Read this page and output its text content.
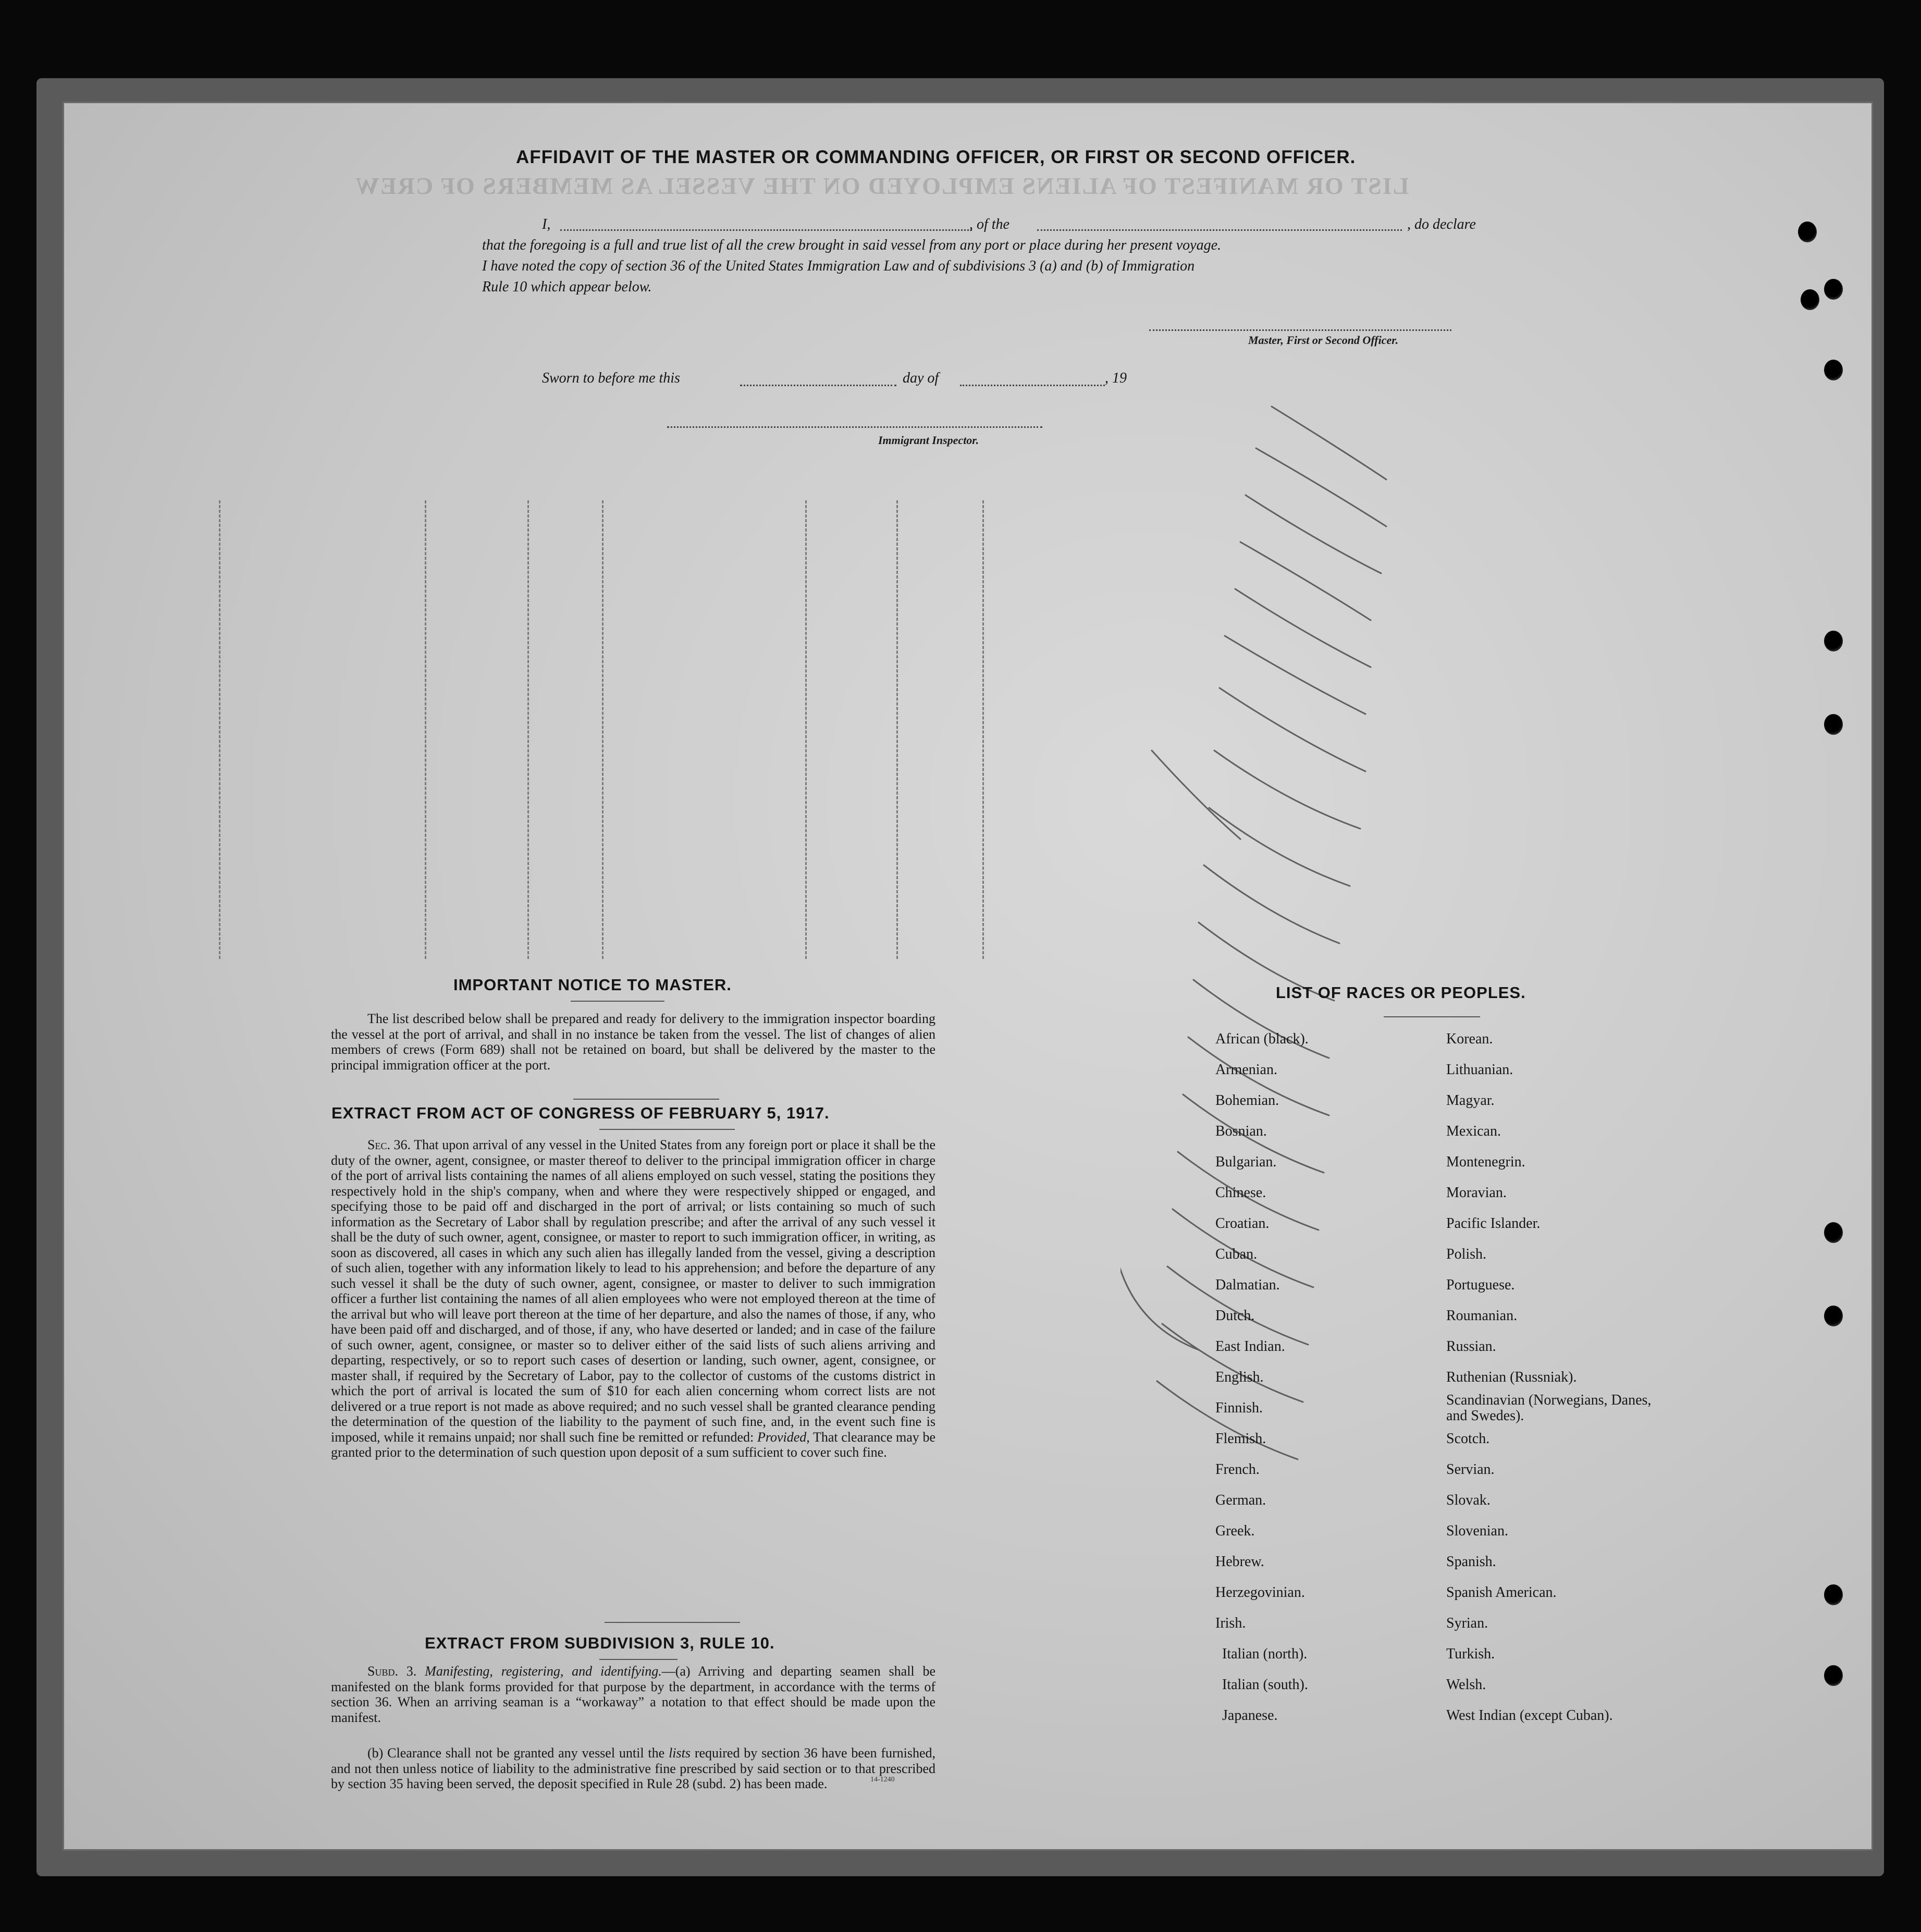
LIST OR MANIFEST OF ALIENS EMPLOYED ON THE VESSEL AS MEMBERS OF CREW
AFFIDAVIT OF THE MASTER OR COMMANDING OFFICER, OR FIRST OR SECOND OFFICER.
I,	, of the	, do declare
that the foregoing is a full and true list of all the crew brought in said vessel from any port or place during her present voyage.
I have noted the copy of section 36 of the United States Immigration Law and of subdivisions 3 (a) and (b) of Immigration
Rule 10 which appear below.
Master, First or Second Officer.
Sworn to before me this	day of	, 19
Immigrant Inspector.
IMPORTANT NOTICE TO MASTER.
The list described below shall be prepared and ready for delivery to the immigration inspector boarding the vessel at the port of arrival, and shall in no instance be taken from the vessel. The list of changes of alien members of crews (Form 689) shall not be retained on board, but shall be delivered by the master to the principal immigration officer at the port.
EXTRACT FROM ACT OF CONGRESS OF FEBRUARY 5, 1917.
Sec. 36. That upon arrival of any vessel in the United States from any foreign port or place it shall be the duty of the owner, agent, consignee, or master thereof to deliver to the principal immigration officer in charge of the port of arrival lists containing the names of all aliens employed on such vessel, stating the positions they respectively hold in the ship's company, when and where they were respectively shipped or engaged, and specifying those to be paid off and discharged in the port of arrival; or lists containing so much of such information as the Secretary of Labor shall by regulation prescribe; and after the arrival of any such vessel it shall be the duty of such owner, agent, consignee, or master to report to such immigration officer, in writing, as soon as discovered, all cases in which any such alien has illegally landed from the vessel, giving a description of such alien, together with any information likely to lead to his apprehension; and before the departure of any such vessel it shall be the duty of such owner, agent, consignee, or master to deliver to such immigration officer a further list containing the names of all alien employees who were not employed thereon at the time of the arrival but who will leave port thereon at the time of her departure, and also the names of those, if any, who have been paid off and discharged, and of those, if any, who have deserted or landed; and in case of the failure of such owner, agent, consignee, or master so to deliver either of the said lists of such aliens arriving and departing, respectively, or so to report such cases of desertion or landing, such owner, agent, consignee, or master shall, if required by the Secretary of Labor, pay to the collector of customs of the customs district in which the port of arrival is located the sum of $10 for each alien concerning whom correct lists are not delivered or a true report is not made as above required; and no such vessel shall be granted clearance pending the determination of the question of the liability to the payment of such fine, and, in the event such fine is imposed, while it remains unpaid; nor shall such fine be remitted or refunded: Provided, That clearance may be granted prior to the determination of such question upon deposit of a sum sufficient to cover such fine.
EXTRACT FROM SUBDIVISION 3, RULE 10.
Subd. 3. Manifesting, registering, and identifying.—(a) Arriving and departing seamen shall be manifested on the blank forms provided for that purpose by the department, in accordance with the terms of section 36. When an arriving seaman is a “workaway” a notation to that effect should be made upon the manifest.
(b) Clearance shall not be granted any vessel until the lists required by section 36 have been furnished, and not then unless notice of liability to the administrative fine prescribed by said section or to that prescribed by section 35 having been served, the deposit specified in Rule 28 (subd. 2) has been made.	14-1240
LIST OF RACES OR PEOPLES.
African (black).
Armenian.
Bohemian.
Bosnian.
Bulgarian.
Chinese.
Croatian.
Cuban.
Dalmatian.
Dutch.
East Indian.
English.
Finnish.
Flemish.
French.
German.
Greek.
Hebrew.
Herzegovinian.
Irish.
Italian (north).
Italian (south).
Japanese.
Korean.
Lithuanian.
Magyar.
Mexican.
Montenegrin.
Moravian.
Pacific Islander.
Polish.
Portuguese.
Roumanian.
Russian.
Ruthenian (Russniak).
Scandinavian (Norwegians, Danes, and Swedes).
Scotch.
Servian.
Slovak.
Slovenian.
Spanish.
Spanish American.
Syrian.
Turkish.
Welsh.
West Indian (except Cuban).
